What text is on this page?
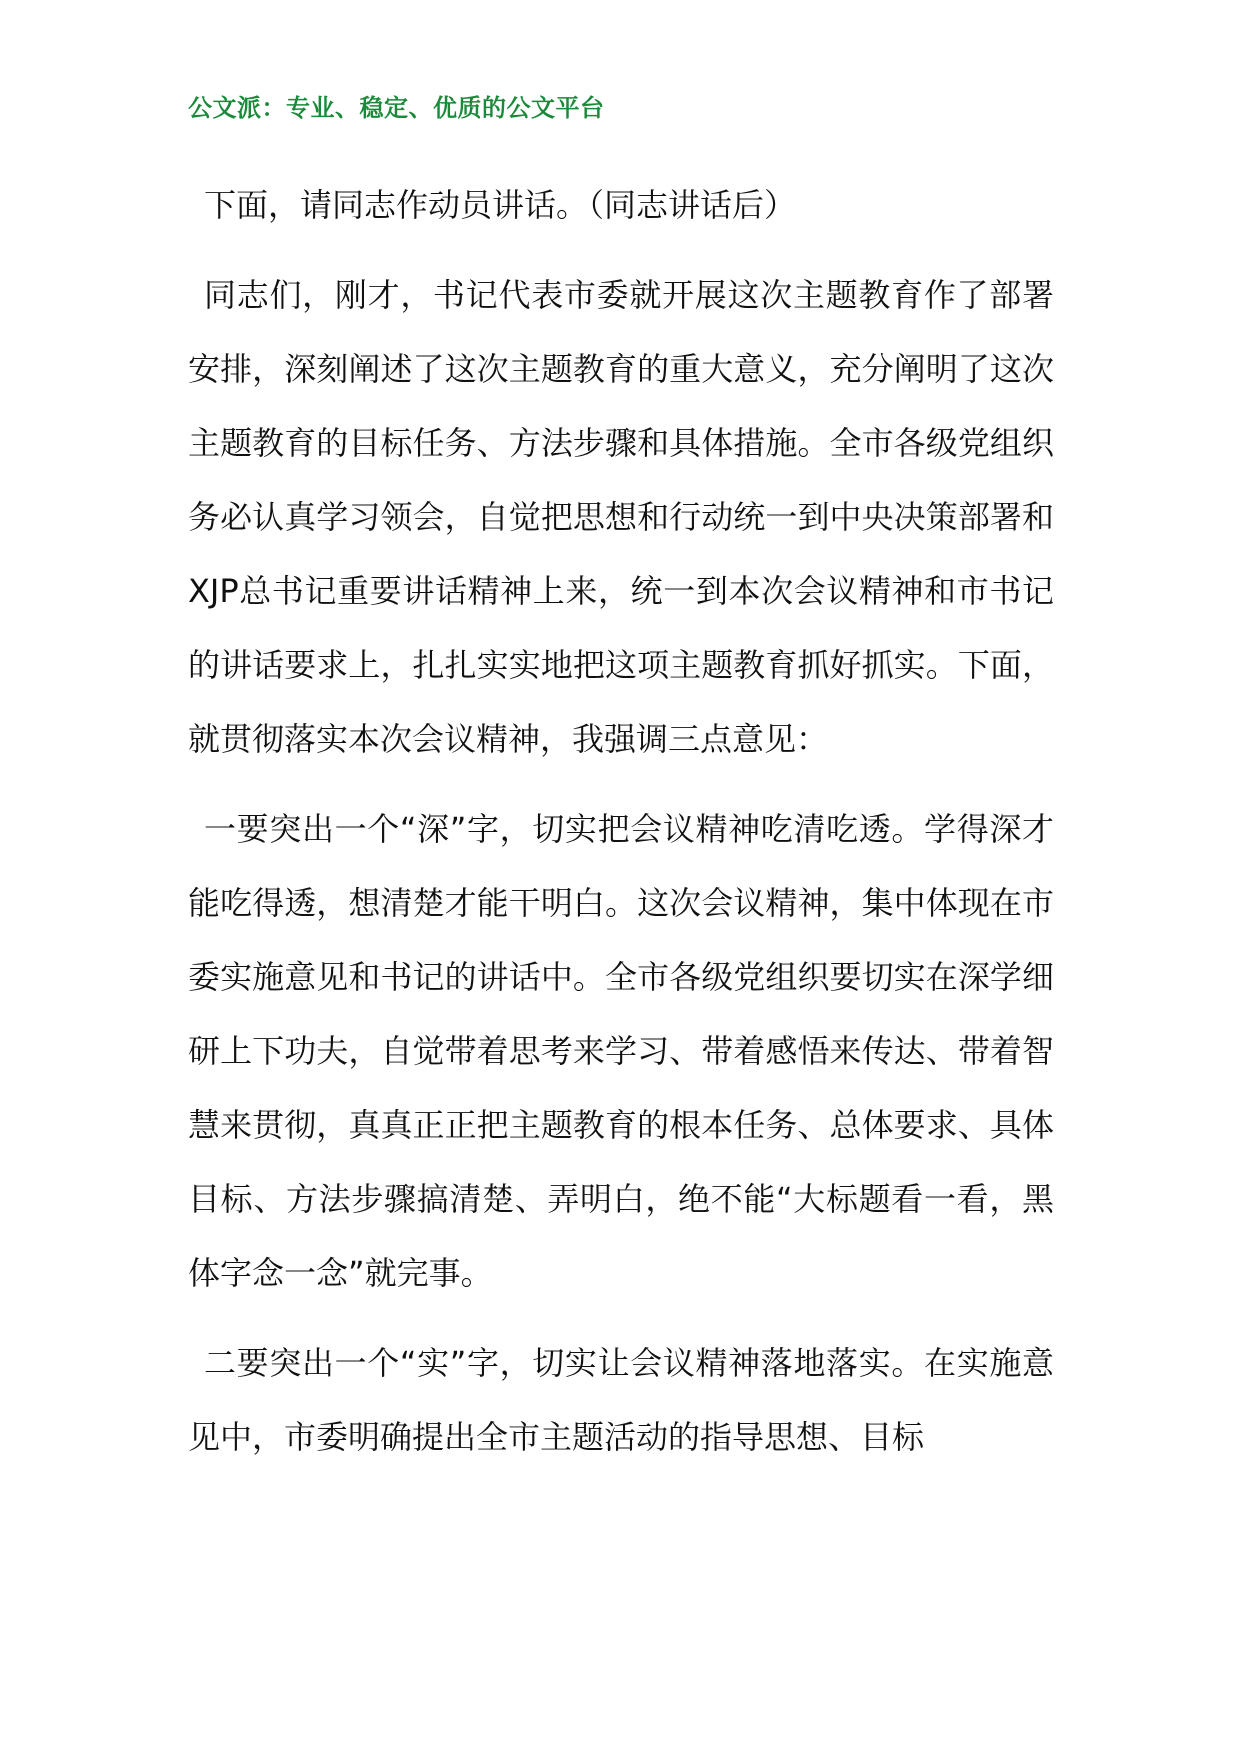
公文派：专业、稳定、优质的公文平台

下面，请同志作动员讲话。（同志讲话后）

同志们，刚才，书记代表市委就开展这次主题教育作了部署安排，深刻阐述了这次主题教育的重大意义，充分阐明了这次主题教育的目标任务、方法步骤和具体措施。全市各级党组织务必认真学习领会，自觉把思想和行动统一到中央决策部署和XJP总书记重要讲话精神上来，统一到本次会议精神和市书记的讲话要求上，扎扎实实地把这项主题教育抓好抓实。下面，就贯彻落实本次会议精神，我强调三点意见：

一要突出一个“深”字，切实把会议精神吃清吃透。学得深才能吃得透，想清楚才能干明白。这次会议精神，集中体现在市委实施意见和书记的讲话中。全市各级党组织要切实在深学细研上下功夫，自觉带着思考来学习、带着感悟来传达、带着智慧来贯彻，真真正正把主题教育的根本任务、总体要求、具体目标、方法步骤搞清楚、弄明白，绝不能“大标题看一看，黑体字念一念”就完事。

二要突出一个“实”字，切实让会议精神落地落实。在实施意见中，市委明确提出全市主题活动的指导思想、目标
